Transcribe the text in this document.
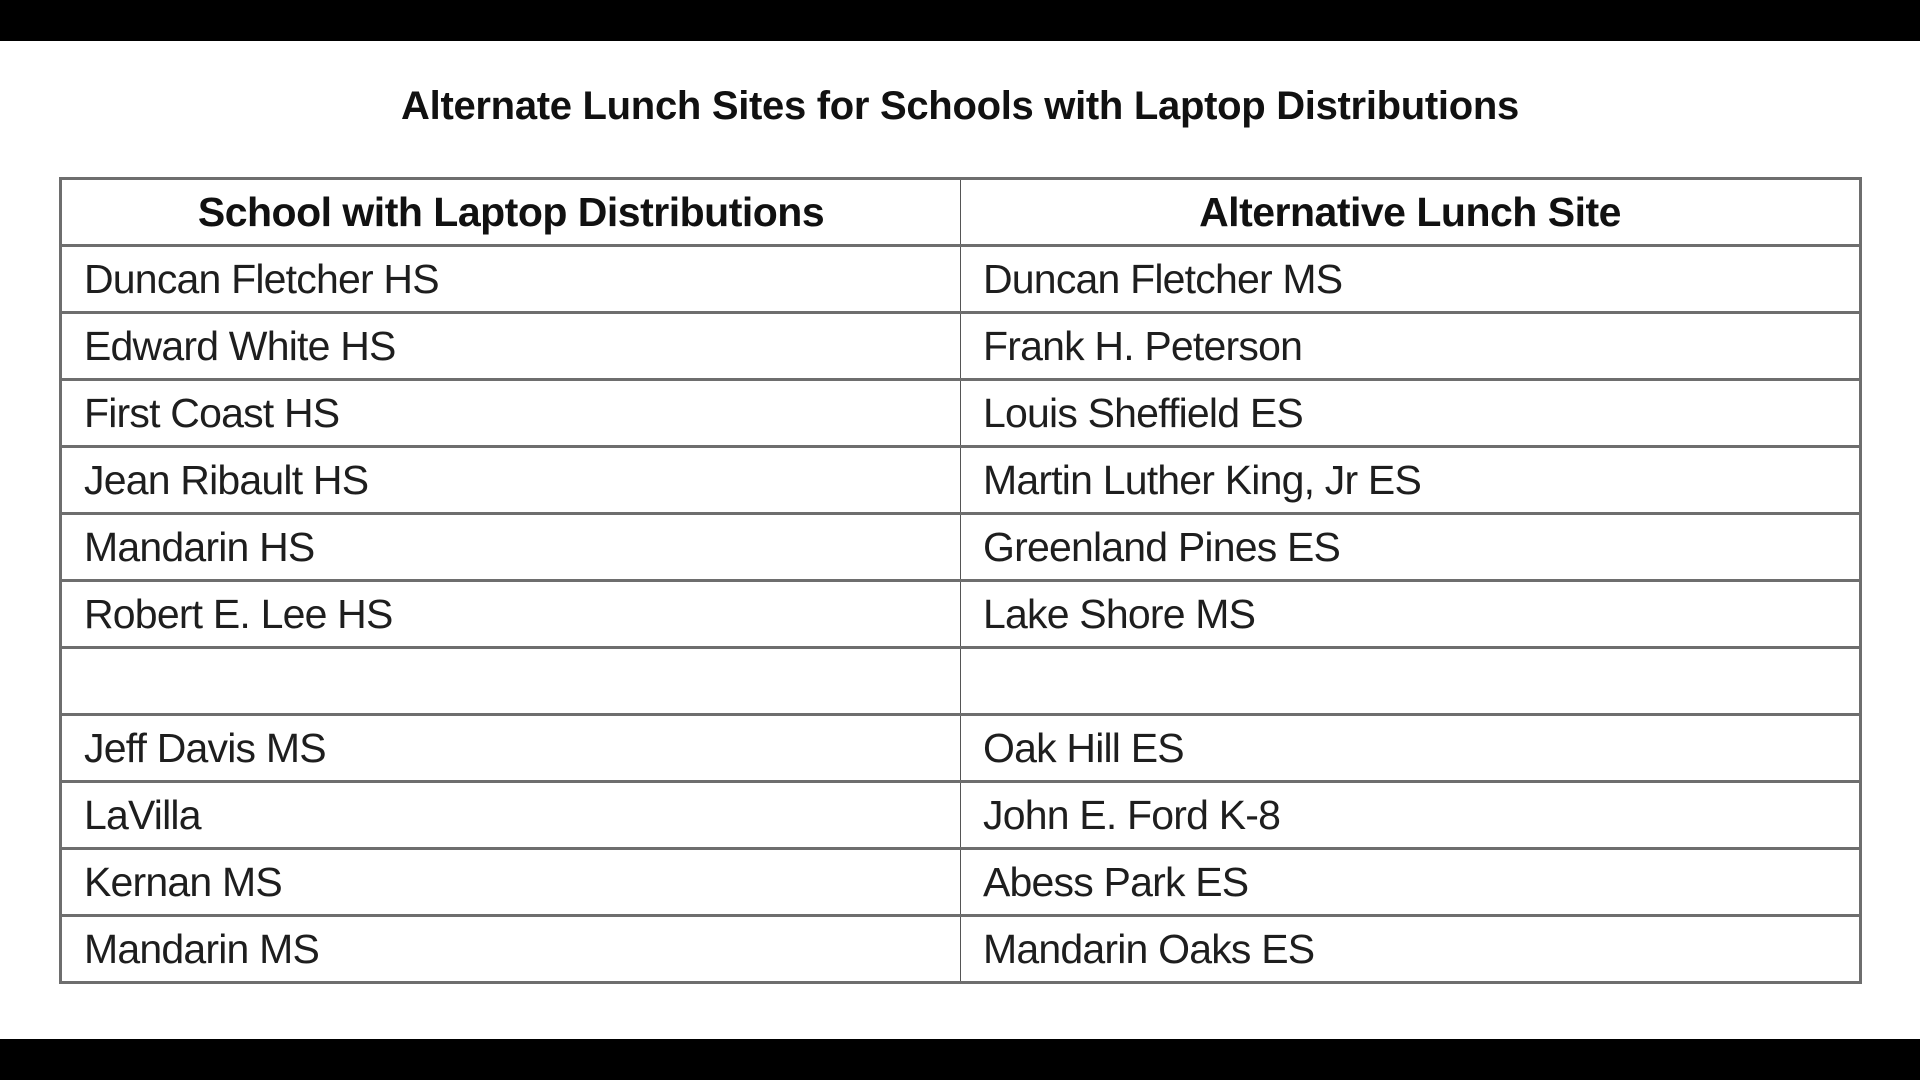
Alternate Lunch Sites for Schools with Laptop Distributions
School with Laptop Distributions	Alternative Lunch Site
Duncan Fletcher HS	Duncan Fletcher MS
Edward White HS	Frank H. Peterson
First Coast HS	Louis Sheffield ES
Jean Ribault HS	Martin Luther King, Jr ES
Mandarin HS	Greenland Pines ES
Robert E. Lee HS	Lake Shore MS

Jeff Davis MS	Oak Hill ES
LaVilla	John E. Ford K-8
Kernan MS	Abess Park ES
Mandarin MS	Mandarin Oaks ES
